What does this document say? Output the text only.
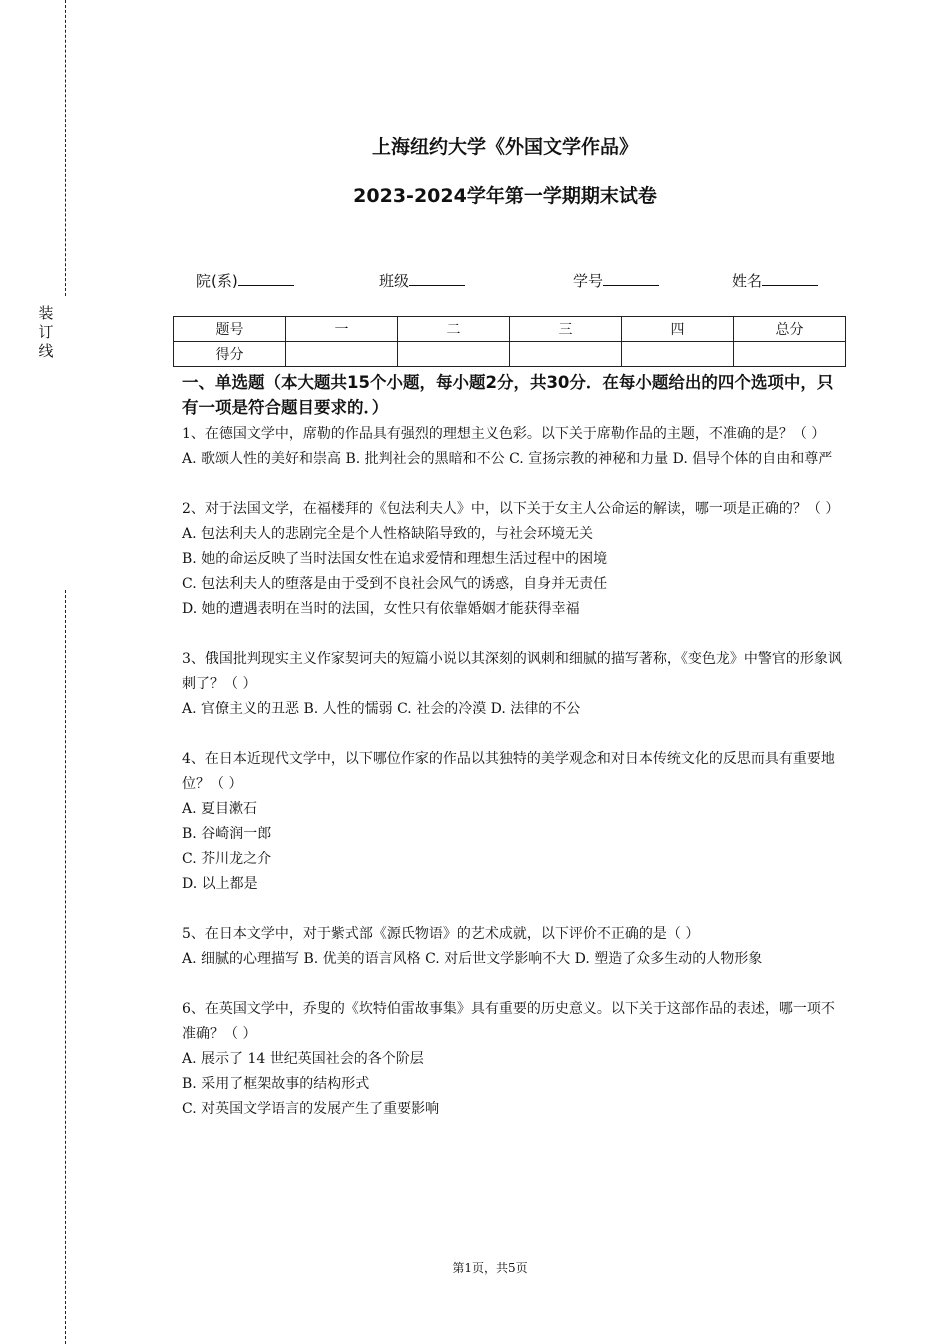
装
订
线
上海纽约大学《外国文学作品》
2023-2024学年第一学期期末试卷
院(系)	班级	学号	姓名
题号	一	二	三	四	总分
得分					
一、单选题（本大题共15个小题，每小题2分，共30分．在每小题给出的四个选项中，只有一项是符合题目要求的．）

1、在德国文学中，席勒的作品具有强烈的理想主义色彩。以下关于席勒作品的主题，不准确的是？（ ）

A. 歌颂人性的美好和崇高 B. 批判社会的黑暗和不公 C. 宣扬宗教的神秘和力量 D. 倡导个体的自由和尊严

2、对于法国文学，在福楼拜的《包法利夫人》中，以下关于女主人公命运的解读，哪一项是正确的？（ ）

A. 包法利夫人的悲剧完全是个人性格缺陷导致的，与社会环境无关

B. 她的命运反映了当时法国女性在追求爱情和理想生活过程中的困境

C. 包法利夫人的堕落是由于受到不良社会风气的诱惑，自身并无责任

D. 她的遭遇表明在当时的法国，女性只有依靠婚姻才能获得幸福

3、俄国批判现实主义作家契诃夫的短篇小说以其深刻的讽刺和细腻的描写著称，《变色龙》中警官的形象讽刺了？（ ）

A. 官僚主义的丑恶 B. 人性的懦弱 C. 社会的冷漠 D. 法律的不公

4、在日本近现代文学中，以下哪位作家的作品以其独特的美学观念和对日本传统文化的反思而具有重要地位？（ ）

A. 夏目漱石

B. 谷崎润一郎

C. 芥川龙之介

D. 以上都是

5、在日本文学中，对于紫式部《源氏物语》的艺术成就，以下评价不正确的是（ ）

A. 细腻的心理描写 B. 优美的语言风格 C. 对后世文学影响不大 D. 塑造了众多生动的人物形象

6、在英国文学中，乔叟的《坎特伯雷故事集》具有重要的历史意义。以下关于这部作品的表述，哪一项不准确？（ ）

A. 展示了 14 世纪英国社会的各个阶层

B. 采用了框架故事的结构形式

C. 对英国文学语言的发展产生了重要影响

第1页，共5页
